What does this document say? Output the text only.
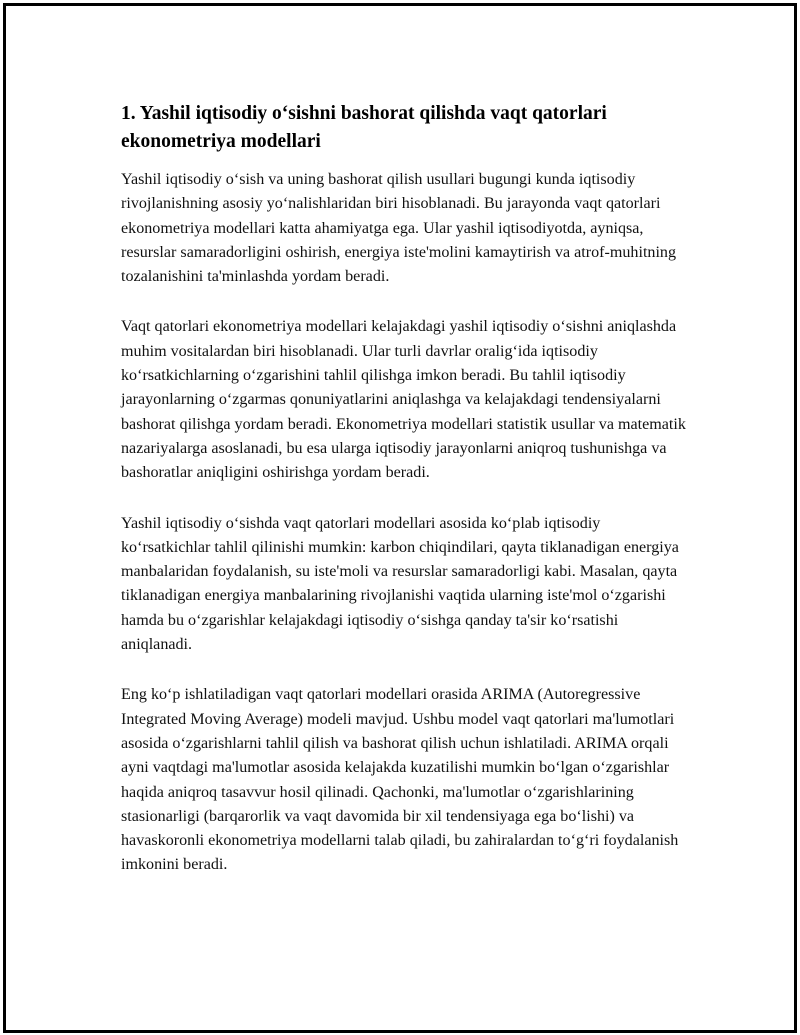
1. Yashil iqtisodiy o‘sishni bashorat qilishda vaqt qatorlari ekonometriya modellari

Yashil iqtisodiy o‘sish va uning bashorat qilish usullari bugungi kunda iqtisodiy rivojlanishning asosiy yo‘nalishlaridan biri hisoblanadi. Bu jarayonda vaqt qatorlari ekonometriya modellari katta ahamiyatga ega. Ular yashil iqtisodiyotda, ayniqsa, resurslar samaradorligini oshirish, energiya iste'molini kamaytirish va atrof-muhitning tozalanishini ta'minlashda yordam beradi.

Vaqt qatorlari ekonometriya modellari kelajakdagi yashil iqtisodiy o‘sishni aniqlashda muhim vositalardan biri hisoblanadi. Ular turli davrlar oralig‘ida iqtisodiy ko‘rsatkichlarning o‘zgarishini tahlil qilishga imkon beradi. Bu tahlil iqtisodiy jarayonlarning o‘zgarmas qonuniyatlarini aniqlashga va kelajakdagi tendensiyalarni bashorat qilishga yordam beradi. Ekonometriya modellari statistik usullar va matematik nazariyalarga asoslanadi, bu esa ularga iqtisodiy jarayonlarni aniqroq tushunishga va bashoratlar aniqligini oshirishga yordam beradi.

Yashil iqtisodiy o‘sishda vaqt qatorlari modellari asosida ko‘plab iqtisodiy ko‘rsatkichlar tahlil qilinishi mumkin: karbon chiqindilari, qayta tiklanadigan energiya manbalaridan foydalanish, su iste'moli va resurslar samaradorligi kabi. Masalan, qayta tiklanadigan energiya manbalarining rivojlanishi vaqtida ularning iste'mol o‘zgarishi hamda bu o‘zgarishlar kelajakdagi iqtisodiy o‘sishga qanday ta'sir ko‘rsatishi aniqlanadi.

Eng ko‘p ishlatiladigan vaqt qatorlari modellari orasida ARIMA (Autoregressive Integrated Moving Average) modeli mavjud. Ushbu model vaqt qatorlari ma'lumotlari asosida o‘zgarishlarni tahlil qilish va bashorat qilish uchun ishlatiladi. ARIMA orqali ayni vaqtdagi ma'lumotlar asosida kelajakda kuzatilishi mumkin bo‘lgan o‘zgarishlar haqida aniqroq tasavvur hosil qilinadi. Qachonki, ma'lumotlar o‘zgarishlarining stasionarligi (barqarorlik va vaqt davomida bir xil tendensiyaga ega bo‘lishi) va havaskoronli ekonometriya modellarni talab qiladi, bu zahiralardan to‘g‘ri foydalanish imkonini beradi.
